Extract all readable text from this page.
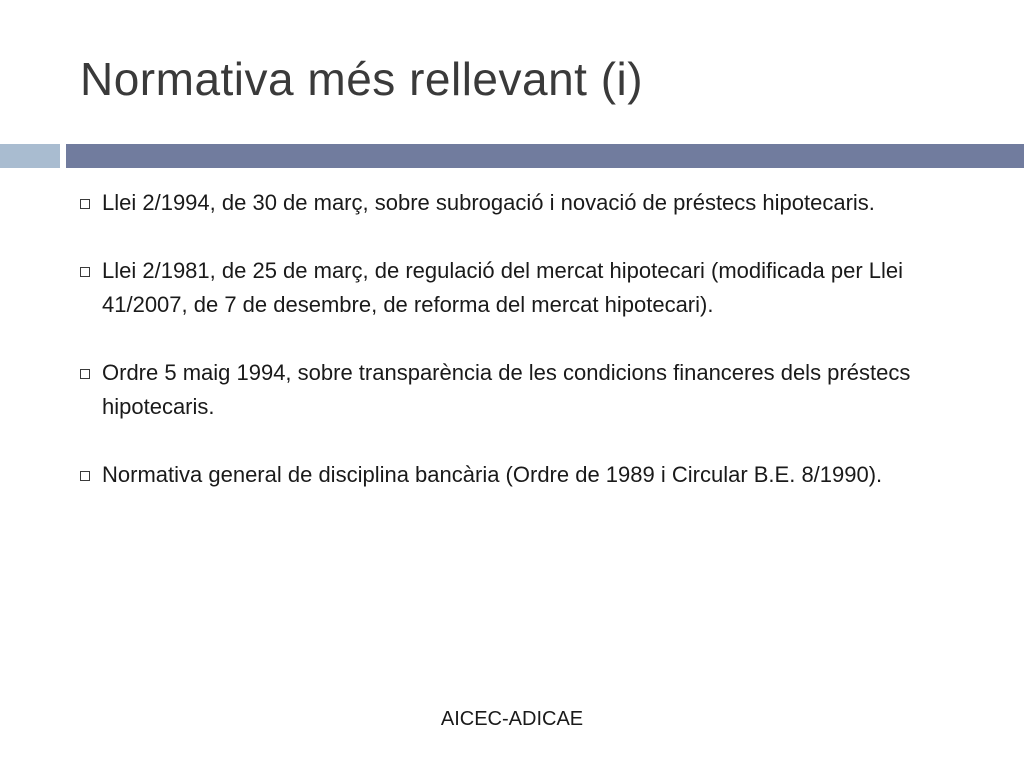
Normativa més rellevant (i)
Llei 2/1994, de 30 de març, sobre subrogació i novació de préstecs hipotecaris.
Llei 2/1981, de 25 de març, de regulació del mercat hipotecari (modificada per Llei 41/2007, de 7 de desembre, de reforma del mercat hipotecari).
Ordre 5 maig 1994, sobre transparència de les condicions financeres dels préstecs hipotecaris.
Normativa general de disciplina bancària (Ordre de 1989 i Circular B.E. 8/1990).
AICEC-ADICAE
